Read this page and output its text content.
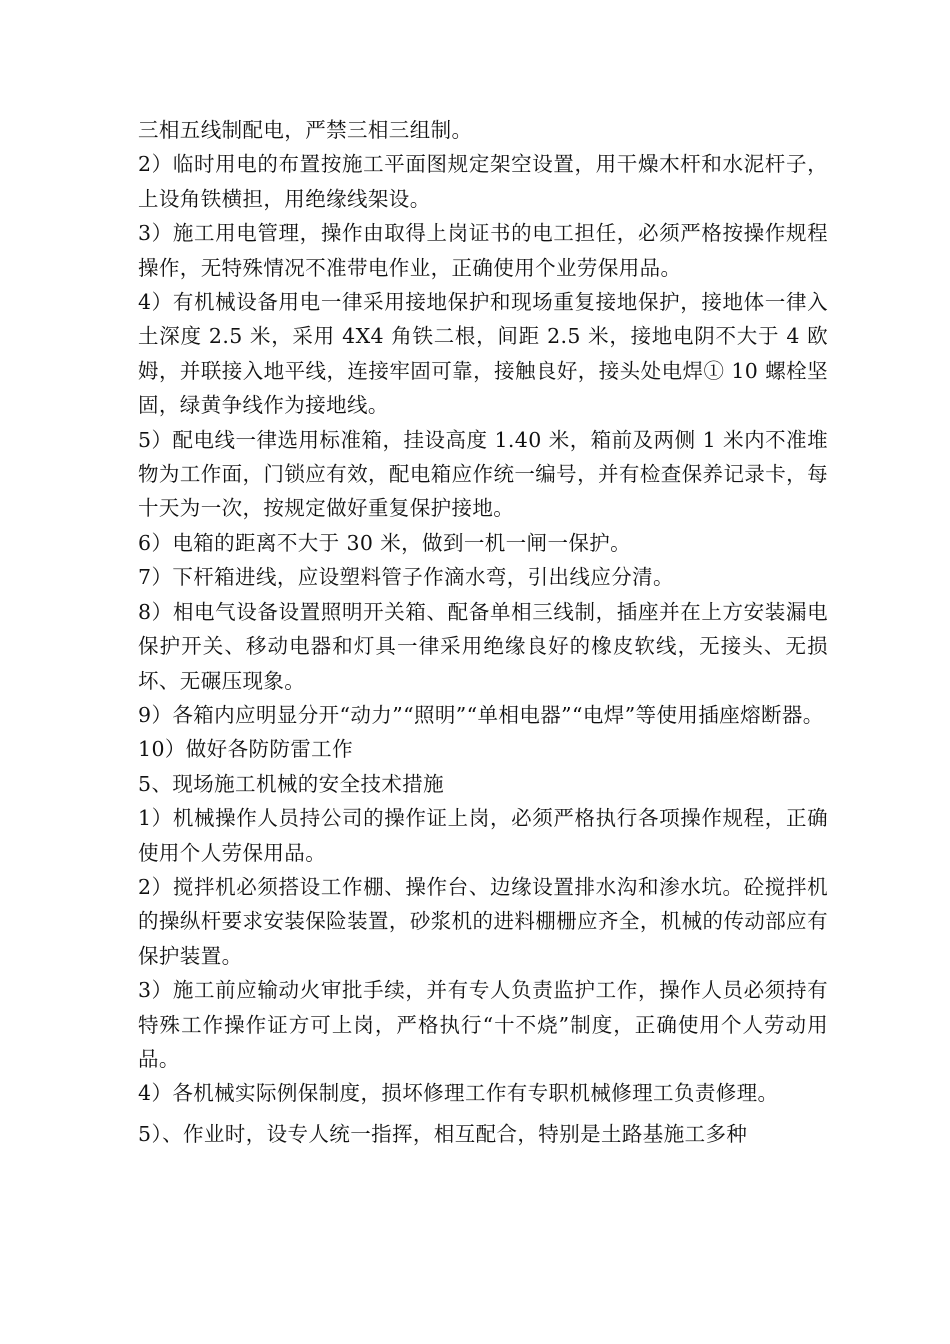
三相五线制配电，严禁三相三组制。

2）临时用电的布置按施工平面图规定架空设置，用干燥木杆和水泥杆子，上设角铁横担，用绝缘线架设。

3）施工用电管理，操作由取得上岗证书的电工担任，必须严格按操作规程操作，无特殊情况不准带电作业，正确使用个业劳保用品。

4）有机械设备用电一律采用接地保护和现场重复接地保护，接地体一律入土深度 2.5 米，采用 4X4 角铁二根，间距 2.5 米，接地电阴不大于 4 欧姆，并联接入地平线，连接牢固可靠，接触良好，接头处电焊① 10 螺栓坚固，绿黄争线作为接地线。

5）配电线一律选用标准箱，挂设高度 1.40 米，箱前及两侧 1 米内不准堆物为工作面，门锁应有效，配电箱应作统一编号，并有检查保养记录卡，每十天为一次，按规定做好重复保护接地。

6）电箱的距离不大于 30 米，做到一机一闸一保护。

7）下杆箱进线，应设塑料管子作滴水弯，引出线应分清。

8）相电气设备设置照明开关箱、配备单相三线制，插座并在上方安装漏电保护开关、移动电器和灯具一律采用绝缘良好的橡皮软线，无接头、无损坏、无碾压现象。

9）各箱内应明显分开“动力”“照明”“单相电器”“电焊”等使用插座熔断器。

10）做好各防防雷工作

5、现场施工机械的安全技术措施

1）机械操作人员持公司的操作证上岗，必须严格执行各项操作规程，正确使用个人劳保用品。

2）搅拌机必须搭设工作棚、操作台、边缘设置排水沟和渗水坑。砼搅拌机的操纵杆要求安装保险装置，砂浆机的进料棚栅应齐全，机械的传动部应有保护装置。

3）施工前应输动火审批手续，并有专人负责监护工作，操作人员必须持有特殊工作操作证方可上岗，严格执行“十不烧”制度，正确使用个人劳动用品。

4）各机械实际例保制度，损坏修理工作有专职机械修理工负责修理。

5）、作业时，设专人统一指挥，相互配合，特别是土路基施工多种
